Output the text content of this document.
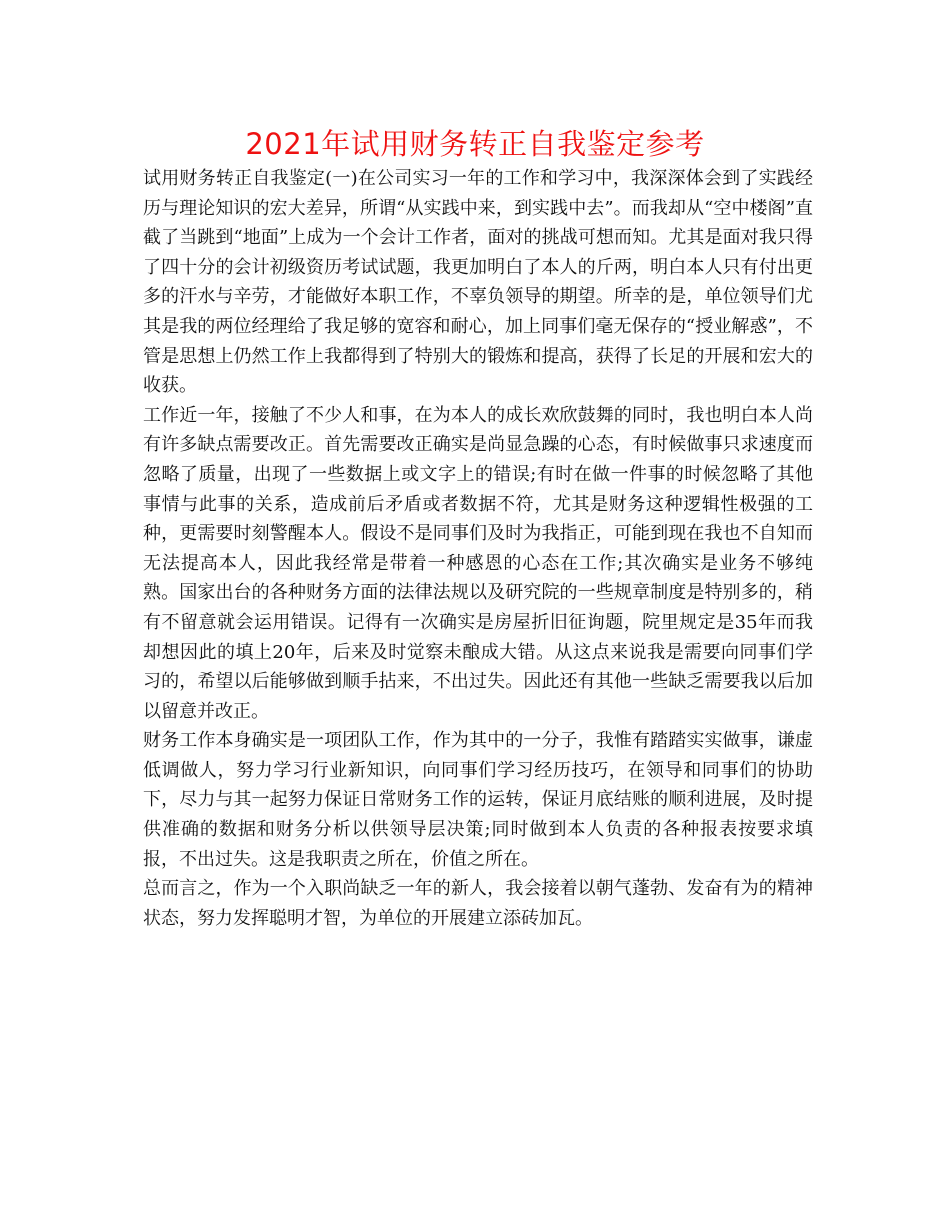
2021年试用财务转正自我鉴定参考

试用财务转正自我鉴定(一)在公司实习一年的工作和学习中，我深深体会到了实践经历与理论知识的宏大差异，所谓“从实践中来，到实践中去”。而我却从“空中楼阁”直截了当跳到“地面”上成为一个会计工作者，面对的挑战可想而知。尤其是面对我只得了四十分的会计初级资历考试试题，我更加明白了本人的斤两，明白本人只有付出更多的汗水与辛劳，才能做好本职工作，不辜负领导的期望。所幸的是，单位领导们尤其是我的两位经理给了我足够的宽容和耐心，加上同事们毫无保存的“授业解惑”，不管是思想上仍然工作上我都得到了特别大的锻炼和提高，获得了长足的开展和宏大的收获。

工作近一年，接触了不少人和事，在为本人的成长欢欣鼓舞的同时，我也明白本人尚有许多缺点需要改正。首先需要改正确实是尚显急躁的心态，有时候做事只求速度而忽略了质量，出现了一些数据上或文字上的错误;有时在做一件事的时候忽略了其他事情与此事的关系，造成前后矛盾或者数据不符，尤其是财务这种逻辑性极强的工种，更需要时刻警醒本人。假设不是同事们及时为我指正，可能到现在我也不自知而无法提高本人，因此我经常是带着一种感恩的心态在工作;其次确实是业务不够纯熟。国家出台的各种财务方面的法律法规以及研究院的一些规章制度是特别多的，稍有不留意就会运用错误。记得有一次确实是房屋折旧征询题，院里规定是35年而我却想因此的填上20年，后来及时觉察未酿成大错。从这点来说我是需要向同事们学习的，希望以后能够做到顺手拈来，不出过失。因此还有其他一些缺乏需要我以后加以留意并改正。

财务工作本身确实是一项团队工作，作为其中的一分子，我惟有踏踏实实做事，谦虚低调做人，努力学习行业新知识，向同事们学习经历技巧，在领导和同事们的协助下，尽力与其一起努力保证日常财务工作的运转，保证月底结账的顺利进展，及时提供准确的数据和财务分析以供领导层决策;同时做到本人负责的各种报表按要求填报，不出过失。这是我职责之所在，价值之所在。

总而言之，作为一个入职尚缺乏一年的新人，我会接着以朝气蓬勃、发奋有为的精神状态，努力发挥聪明才智，为单位的开展建立添砖加瓦。
